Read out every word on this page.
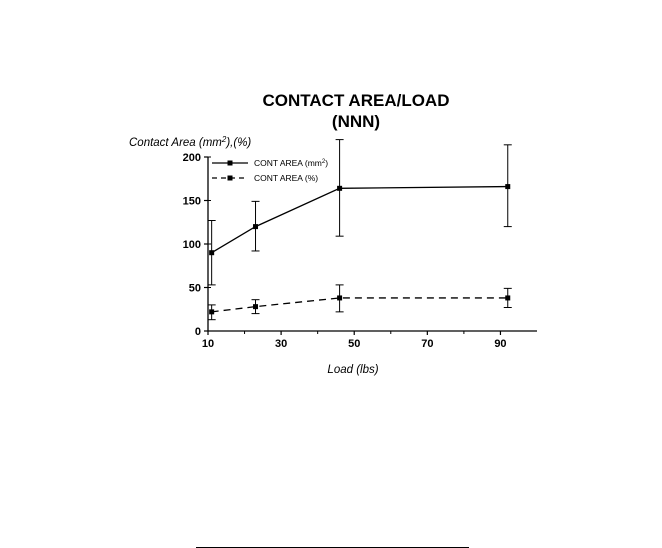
CONTACT AREA/LOAD
(NNN)
Contact Area $(mm^2),(\%)$
Load (lbs)
0
50
100
150
200
10	30	50	70	90
CONT AREA $(mm^2)$
CONT AREA (%)
